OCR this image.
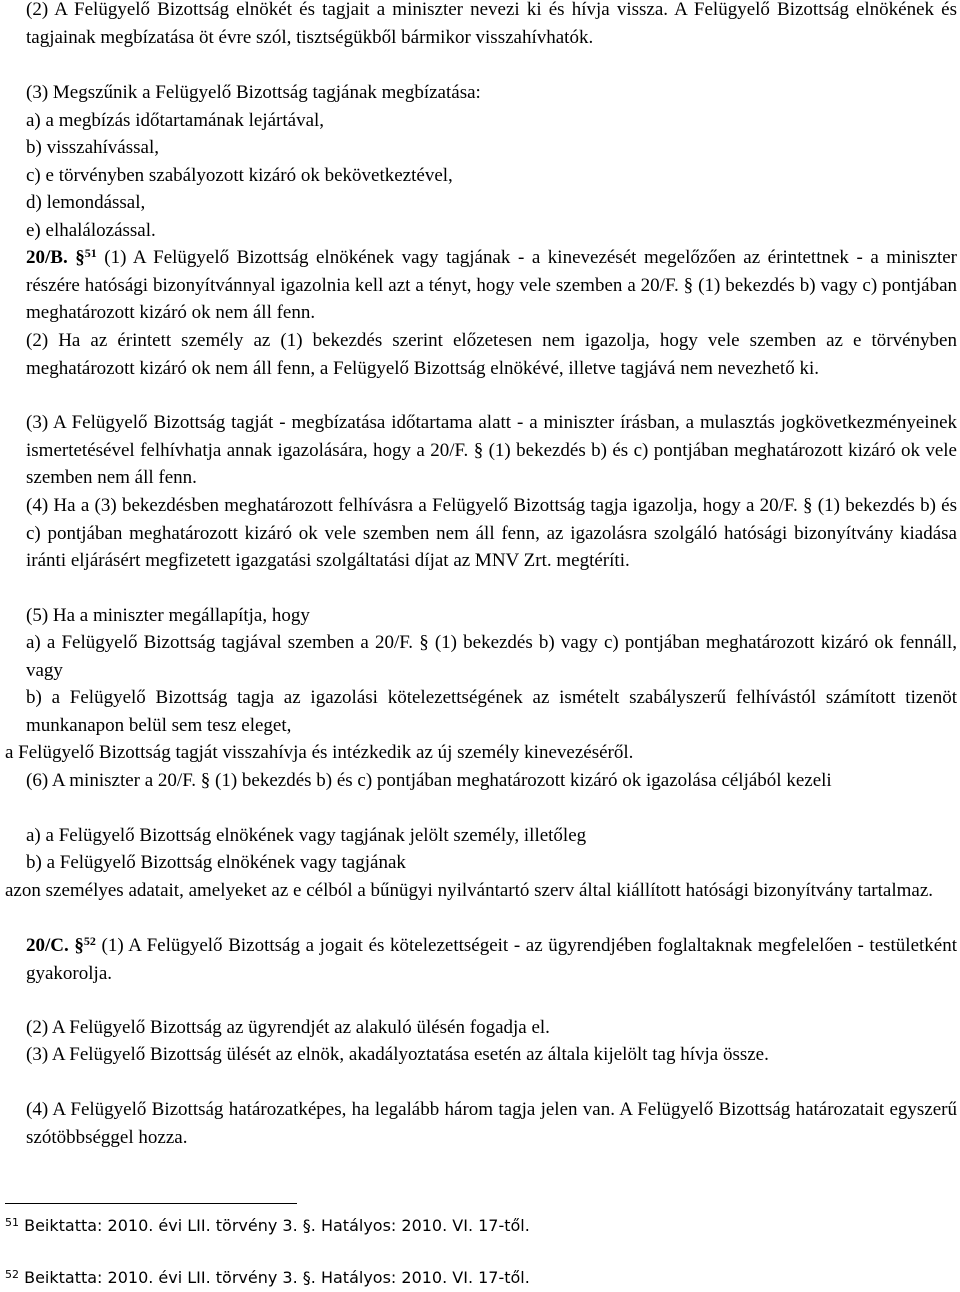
(2) A Felügyelő Bizottság elnökét és tagjait a miniszter nevezi ki és hívja vissza. A Felügyelő Bizottság elnökének és tagjainak megbízatása öt évre szól, tisztségükből bármikor visszahívhatók.

(3) Megszűnik a Felügyelő Bizottság tagjának megbízatása:

a) a megbízás időtartamának lejártával,

b) visszahívással,

c) e törvényben szabályozott kizáró ok bekövetkeztével,

d) lemondással,

e) elhalálozással.

20/B. §$^{51}$ (1) A Felügyelő Bizottság elnökének vagy tagjának - a kinevezését megelőzően az érintettnek - a miniszter részére hatósági bizonyítvánnyal igazolnia kell azt a tényt, hogy vele szemben a 20/F. § (1) bekezdés b) vagy c) pontjában meghatározott kizáró ok nem áll fenn.

(2) Ha az érintett személy az (1) bekezdés szerint előzetesen nem igazolja, hogy vele szemben az e törvényben meghatározott kizáró ok nem áll fenn, a Felügyelő Bizottság elnökévé, illetve tagjává nem nevezhető ki.

(3) A Felügyelő Bizottság tagját - megbízatása időtartama alatt - a miniszter írásban, a mulasztás jogkövetkezményeinek ismertetésével felhívhatja annak igazolására, hogy a 20/F. § (1) bekezdés b) és c) pontjában meghatározott kizáró ok vele szemben nem áll fenn.

(4) Ha a (3) bekezdésben meghatározott felhívásra a Felügyelő Bizottság tagja igazolja, hogy a 20/F. § (1) bekezdés b) és c) pontjában meghatározott kizáró ok vele szemben nem áll fenn, az igazolásra szolgáló hatósági bizonyítvány kiadása iránti eljárásért megfizetett igazgatási szolgáltatási díjat az MNV Zrt. megtéríti.

(5) Ha a miniszter megállapítja, hogy

a) a Felügyelő Bizottság tagjával szemben a 20/F. § (1) bekezdés b) vagy c) pontjában meghatározott kizáró ok fennáll, vagy

b) a Felügyelő Bizottság tagja az igazolási kötelezettségének az ismételt szabályszerű felhívástól számított tizenöt munkanapon belül sem tesz eleget,

a Felügyelő Bizottság tagját visszahívja és intézkedik az új személy kinevezéséről.

(6) A miniszter a 20/F. § (1) bekezdés b) és c) pontjában meghatározott kizáró ok igazolása céljából kezeli

a) a Felügyelő Bizottság elnökének vagy tagjának jelölt személy, illetőleg

b) a Felügyelő Bizottság elnökének vagy tagjának

azon személyes adatait, amelyeket az e célból a bűnügyi nyilvántartó szerv által kiállított hatósági bizonyítvány tartalmaz.

20/C. §$^{52}$ (1) A Felügyelő Bizottság a jogait és kötelezettségeit - az ügyrendjében foglaltaknak megfelelően - testületként gyakorolja.

(2) A Felügyelő Bizottság az ügyrendjét az alakuló ülésén fogadja el.

(3) A Felügyelő Bizottság ülését az elnök, akadályoztatása esetén az általa kijelölt tag hívja össze.

(4) A Felügyelő Bizottság határozatképes, ha legalább három tagja jelen van. A Felügyelő Bizottság határozatait egyszerű szótöbbséggel hozza.

$^{51}$ Beiktatta: 2010. évi LII. törvény 3. §. Hatályos: 2010. VI. 17-től.
$^{52}$ Beiktatta: 2010. évi LII. törvény 3. §. Hatályos: 2010. VI. 17-től.
